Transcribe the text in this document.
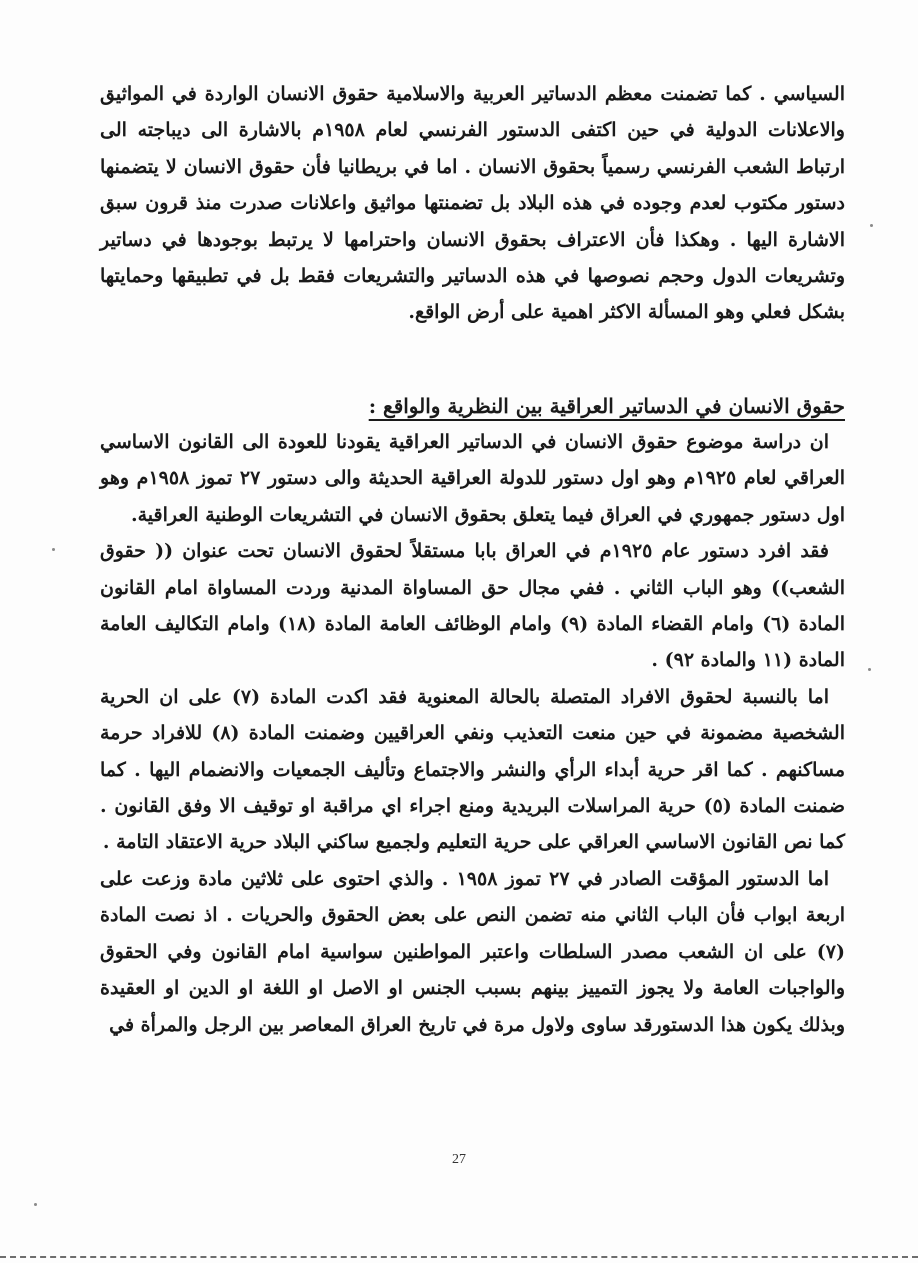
السياسي . كما تضمنت معظم الدساتير العربية والاسلامية حقوق الانسان الواردة في المواثيق والاعلانات الدولية في حين اكتفى الدستور الفرنسي لعام ١٩٥٨م بالاشارة الى ديباجته الى ارتباط الشعب الفرنسي رسمياً بحقوق الانسان . اما في بريطانيا فأن حقوق الانسان لا يتضمنها دستور مكتوب لعدم وجوده في هذه البلاد بل تضمنتها مواثيق واعلانات صدرت منذ قرون سبق الاشارة اليها . وهكذا فأن الاعتراف بحقوق الانسان واحترامها لا يرتبط بوجودها في دساتير وتشريعات الدول وحجم نصوصها في هذه الدساتير والتشريعات فقط بل في تطبيقها وحمايتها بشكل فعلي وهو المسألة الاكثر اهمية على أرض الواقع.

حقوق الانسان في الدساتير العراقية بين النظرية والواقع :

ان دراسة موضوع حقوق الانسان في الدساتير العراقية يقودنا للعودة الى القانون الاساسي العراقي لعام ١٩٢٥م وهو اول دستور للدولة العراقية الحديثة والى دستور ٢٧ تموز ١٩٥٨م وهو اول دستور جمهوري في العراق فيما يتعلق بحقوق الانسان في التشريعات الوطنية العراقية.

فقد افرد دستور عام ١٩٢٥م في العراق بابا مستقلاً لحقوق الانسان تحت عنوان (( حقوق الشعب)) وهو الباب الثاني . ففي مجال حق المساواة المدنية وردت المساواة امام القانون المادة (٦) وامام القضاء المادة (٩) وامام الوظائف العامة المادة (١٨) وامام التكاليف العامة المادة (١١ والمادة ٩٢) .

اما بالنسبة لحقوق الافراد المتصلة بالحالة المعنوية فقد اكدت المادة (٧) على ان الحرية الشخصية مضمونة في حين منعت التعذيب ونفي العراقيين وضمنت المادة (٨) للافراد حرمة مساكنهم . كما اقر حرية أبداء الرأي والنشر والاجتماع وتأليف الجمعيات والانضمام اليها . كما ضمنت المادة (٥) حرية المراسلات البريدية ومنع اجراء اي مراقبة او توقيف الا وفق القانون . كما نص القانون الاساسي العراقي على حرية التعليم ولجميع ساكني البلاد حرية الاعتقاد التامة .

اما الدستور المؤقت الصادر في ٢٧ تموز ١٩٥٨ . والذي احتوى على ثلاثين مادة وزعت على اربعة ابواب فأن الباب الثاني منه تضمن النص على بعض الحقوق والحريات . اذ نصت المادة (٧) على ان الشعب مصدر السلطات واعتبر المواطنين سواسية امام القانون وفي الحقوق والواجبات العامة ولا يجوز التمييز بينهم بسبب الجنس او الاصل او اللغة او الدين او العقيدة وبذلك يكون هذا الدستورقد ساوى ولاول مرة في تاريخ العراق المعاصر بين الرجل والمرأة في

27
